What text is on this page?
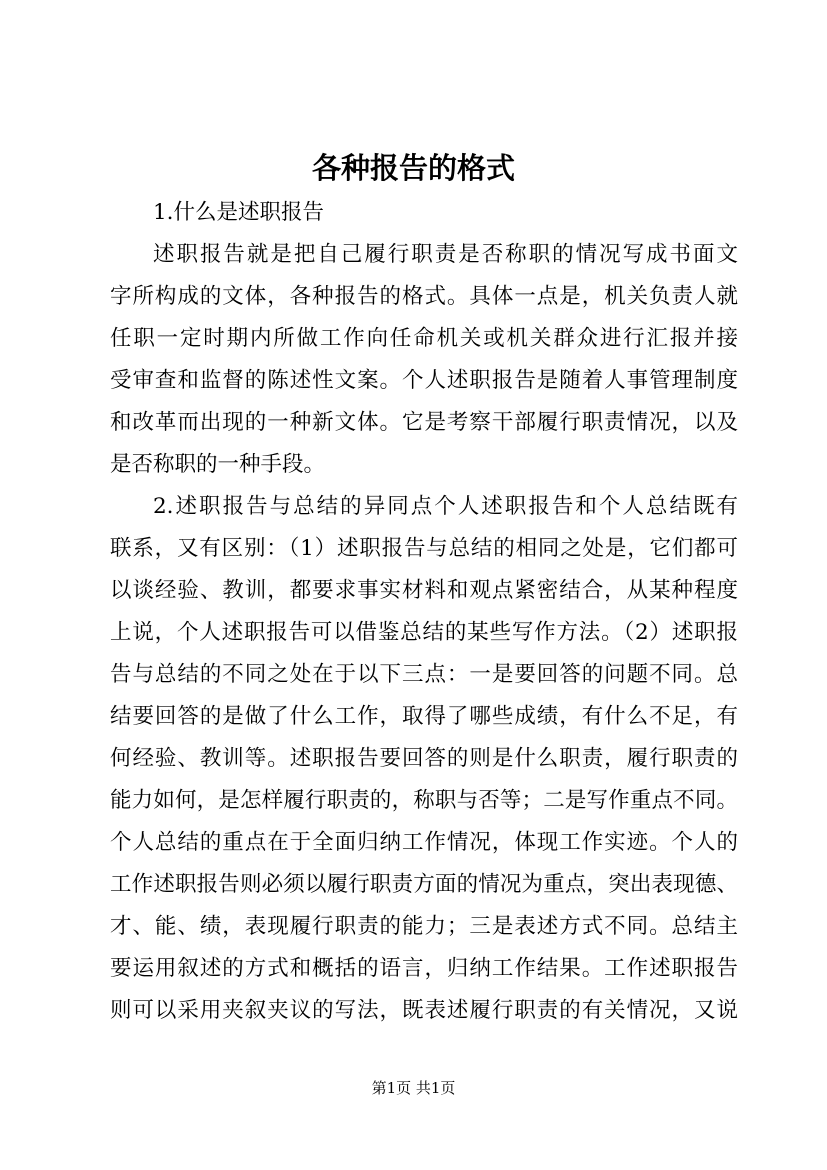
各种报告的格式
1.什么是述职报告
述职报告就是把自己履行职责是否称职的情况写成书面文
字所构成的文体，各种报告的格式。具体一点是，机关负责人就
任职一定时期内所做工作向任命机关或机关群众进行汇报并接
受审查和监督的陈述性文案。个人述职报告是随着人事管理制度
和改革而出现的一种新文体。它是考察干部履行职责情况，以及
是否称职的一种手段。
2.述职报告与总结的异同点个人述职报告和个人总结既有
联系，又有区别：（1）述职报告与总结的相同之处是，它们都可
以谈经验、教训，都要求事实材料和观点紧密结合，从某种程度
上说，个人述职报告可以借鉴总结的某些写作方法。（2）述职报
告与总结的不同之处在于以下三点：一是要回答的问题不同。总
结要回答的是做了什么工作，取得了哪些成绩，有什么不足，有
何经验、教训等。述职报告要回答的则是什么职责，履行职责的
能力如何，是怎样履行职责的，称职与否等；二是写作重点不同。
个人总结的重点在于全面归纳工作情况，体现工作实迹。个人的
工作述职报告则必须以履行职责方面的情况为重点，突出表现德、
才、能、绩，表现履行职责的能力；三是表述方式不同。总结主
要运用叙述的方式和概括的语言，归纳工作结果。工作述职报告
则可以采用夹叙夹议的写法，既表述履行职责的有关情况，又说
第1页 共1页
